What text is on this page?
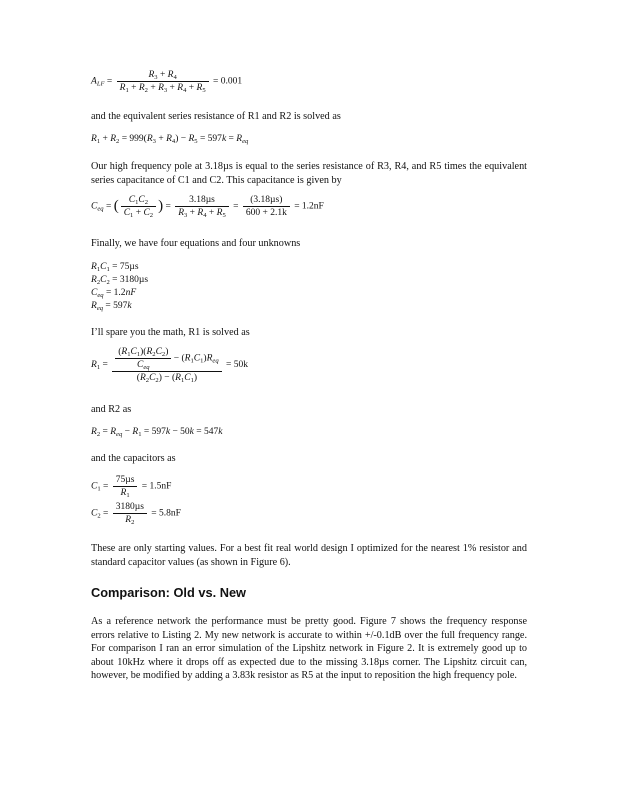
$A_{LF} = \frac{R_3 + R_4}{R_1 + R_2 + R_3 + R_4 + R_5} = 0.001$

and the equivalent series resistance of R1 and R2 is solved as

$R_1 + R_2 = 999(R_3 + R_4) - R_5 = 597k = R_{eq}$

Our high frequency pole at 3.18µs is equal to the series resistance of R3, R4, and R5 times the equivalent series capacitance of C1 and C2. This capacitance is given by

$C_{eq}$ = ( $\frac{C_1C_2}{C_1 + C_2}$ ) = $\frac{\text{3.18µs}}{R_3 + R_4 + R_5} = \frac{\text{(3.18µs)}}{600 + 2.1k} = 1.2nF$

Finally, we have four equations and four unknowns

$R_1C_1 = 75\mu s$
$R_2C_2 = 3180\mu s$
$C_{eq} = 1.2nF$
$R_{eq} = 597k$

I’ll spare you the math, R1 is solved as

$R_1 = \frac{\frac{(R_1C_1)(R_2C_2)}{C_{eq}} - (R_1C_1)R_{eq}}{(R_2C_2) - (R_1C_1)} = 50k$

and R2 as

$R_2 = R_{eq} - R_1 = 597k - 50k = 547k$

and the capacitors as

$C_1 = \frac{\text{75µs}}{R_1} = 1.5nF$
$C_2 = \frac{\text{3180µs}}{R_2} = 5.8nF$

These are only starting values. For a best fit real world design I optimized for the nearest 1% resistor and standard capacitor values (as shown in Figure 6).

Comparison: Old vs. New

As a reference network the performance must be pretty good. Figure 7 shows the frequency response errors relative to Listing 2. My new network is accurate to within +/-0.1dB over the full frequency range. For comparison I ran an error simulation of the Lipshitz network in Figure 2. It is extremely good up to about 10kHz where it drops off as expected due to the missing 3.18µs corner. The Lipshitz circuit can, however, be modified by adding a 3.83k resistor as R5 at the input to reposition the high frequency pole.
